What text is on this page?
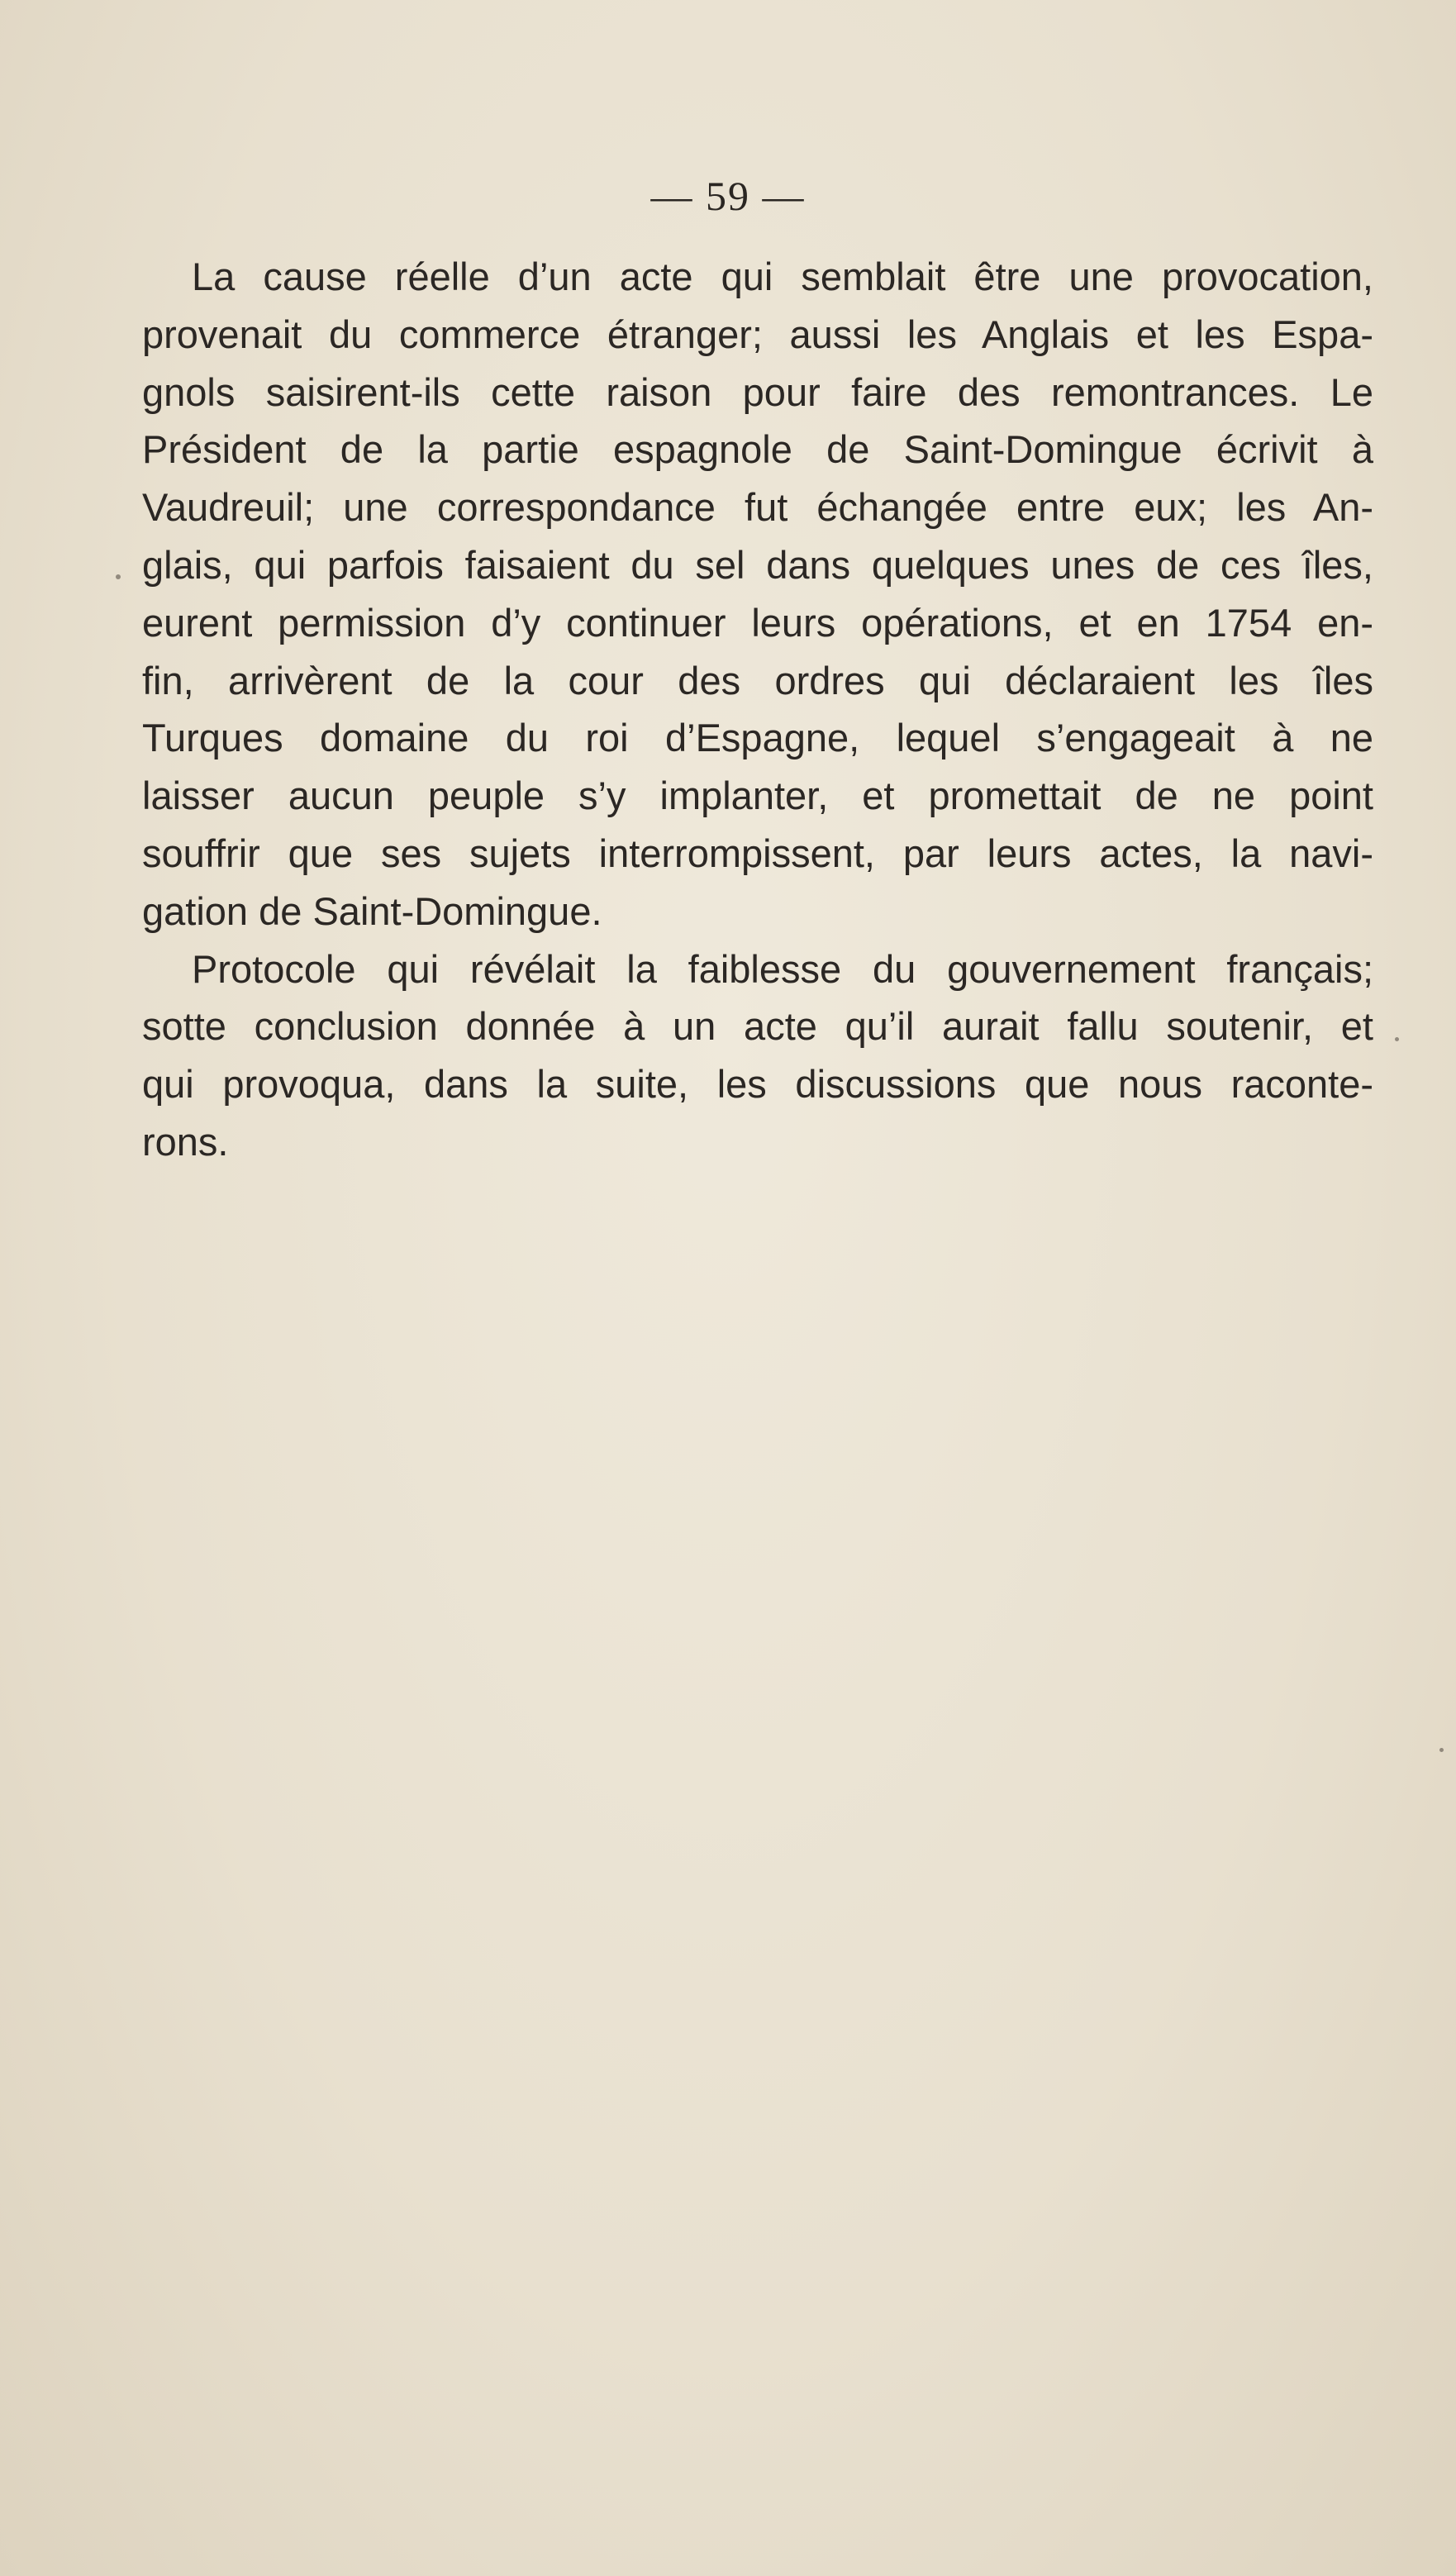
— 59 —
La cause réelle d’un acte qui semblait être une provocation,
provenait du commerce étranger; aussi les Anglais et les Espa-
gnols saisirent-ils cette raison pour faire des remontrances. Le
Président de la partie espagnole de Saint-Domingue écrivit à
Vaudreuil; une correspondance fut échangée entre eux; les An-
glais, qui parfois faisaient du sel dans quelques unes de ces îles,
eurent permission d’y continuer leurs opérations, et en 1754 en-
fin, arrivèrent de la cour des ordres qui déclaraient les îles
Turques domaine du roi d’Espagne, lequel s’engageait à ne
laisser aucun peuple s’y implanter, et promettait de ne point
souffrir que ses sujets interrompissent, par leurs actes, la navi-
gation de Saint-Domingue.
Protocole qui révélait la faiblesse du gouvernement français;
sotte conclusion donnée à un acte qu’il aurait fallu soutenir, et
qui provoqua, dans la suite, les discussions que nous raconte-
rons.
